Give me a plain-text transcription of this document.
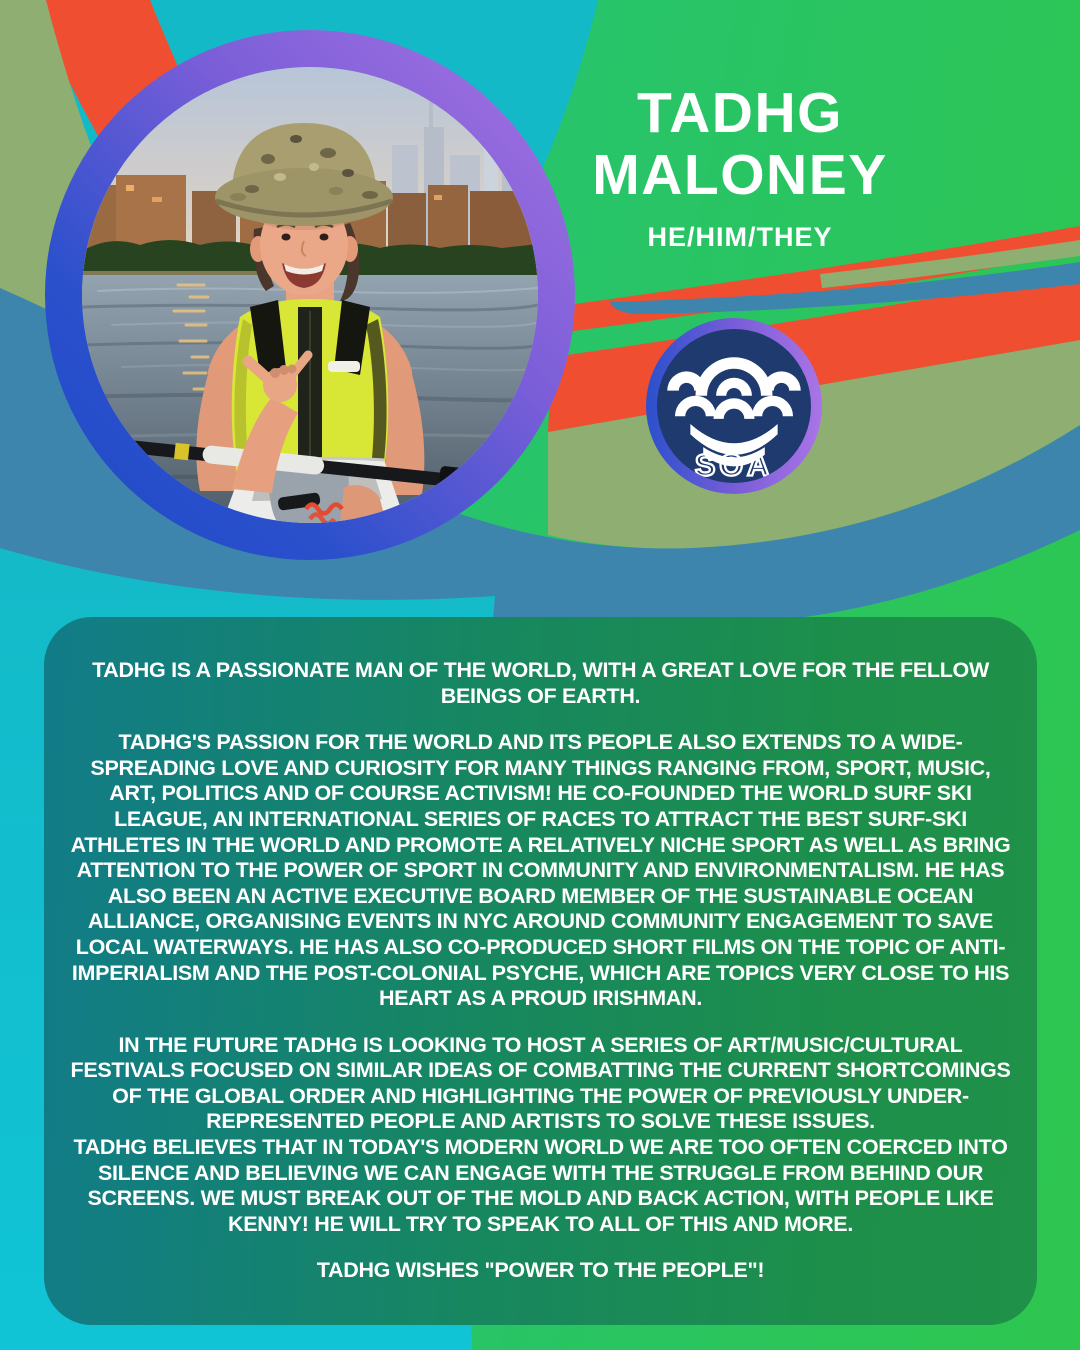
TADHG MALONEY
HE/HIM/THEY
SOA

TADHG IS A PASSIONATE MAN OF THE WORLD, WITH A GREAT LOVE FOR THE FELLOW BEINGS OF EARTH.

TADHG'S PASSION FOR THE WORLD AND ITS PEOPLE ALSO EXTENDS TO A WIDE-SPREADING LOVE AND CURIOSITY FOR MANY THINGS RANGING FROM, SPORT, MUSIC, ART, POLITICS AND OF COURSE ACTIVISM! HE CO-FOUNDED THE WORLD SURF SKI LEAGUE, AN INTERNATIONAL SERIES OF RACES TO ATTRACT THE BEST SURF-SKI ATHLETES IN THE WORLD AND PROMOTE A RELATIVELY NICHE SPORT AS WELL AS BRING ATTENTION TO THE POWER OF SPORT IN COMMUNITY AND ENVIRONMENTALISM. HE HAS ALSO BEEN AN ACTIVE EXECUTIVE BOARD MEMBER OF THE SUSTAINABLE OCEAN ALLIANCE, ORGANISING EVENTS IN NYC AROUND COMMUNITY ENGAGEMENT TO SAVE LOCAL WATERWAYS. HE HAS ALSO CO-PRODUCED SHORT FILMS ON THE TOPIC OF ANTI-IMPERIALISM AND THE POST-COLONIAL PSYCHE, WHICH ARE TOPICS VERY CLOSE TO HIS HEART AS A PROUD IRISHMAN.

IN THE FUTURE TADHG IS LOOKING TO HOST A SERIES OF ART/MUSIC/CULTURAL FESTIVALS FOCUSED ON SIMILAR IDEAS OF COMBATTING THE CURRENT SHORTCOMINGS OF THE GLOBAL ORDER AND HIGHLIGHTING THE POWER OF PREVIOUSLY UNDER-REPRESENTED PEOPLE AND ARTISTS TO SOLVE THESE ISSUES.

TADHG BELIEVES THAT IN TODAY'S MODERN WORLD WE ARE TOO OFTEN COERCED INTO SILENCE AND BELIEVING WE CAN ENGAGE WITH THE STRUGGLE FROM BEHIND OUR SCREENS. WE MUST BREAK OUT OF THE MOLD AND BACK ACTION, WITH PEOPLE LIKE KENNY! HE WILL TRY TO SPEAK TO ALL OF THIS AND MORE.

TADHG WISHES "POWER TO THE PEOPLE"!
